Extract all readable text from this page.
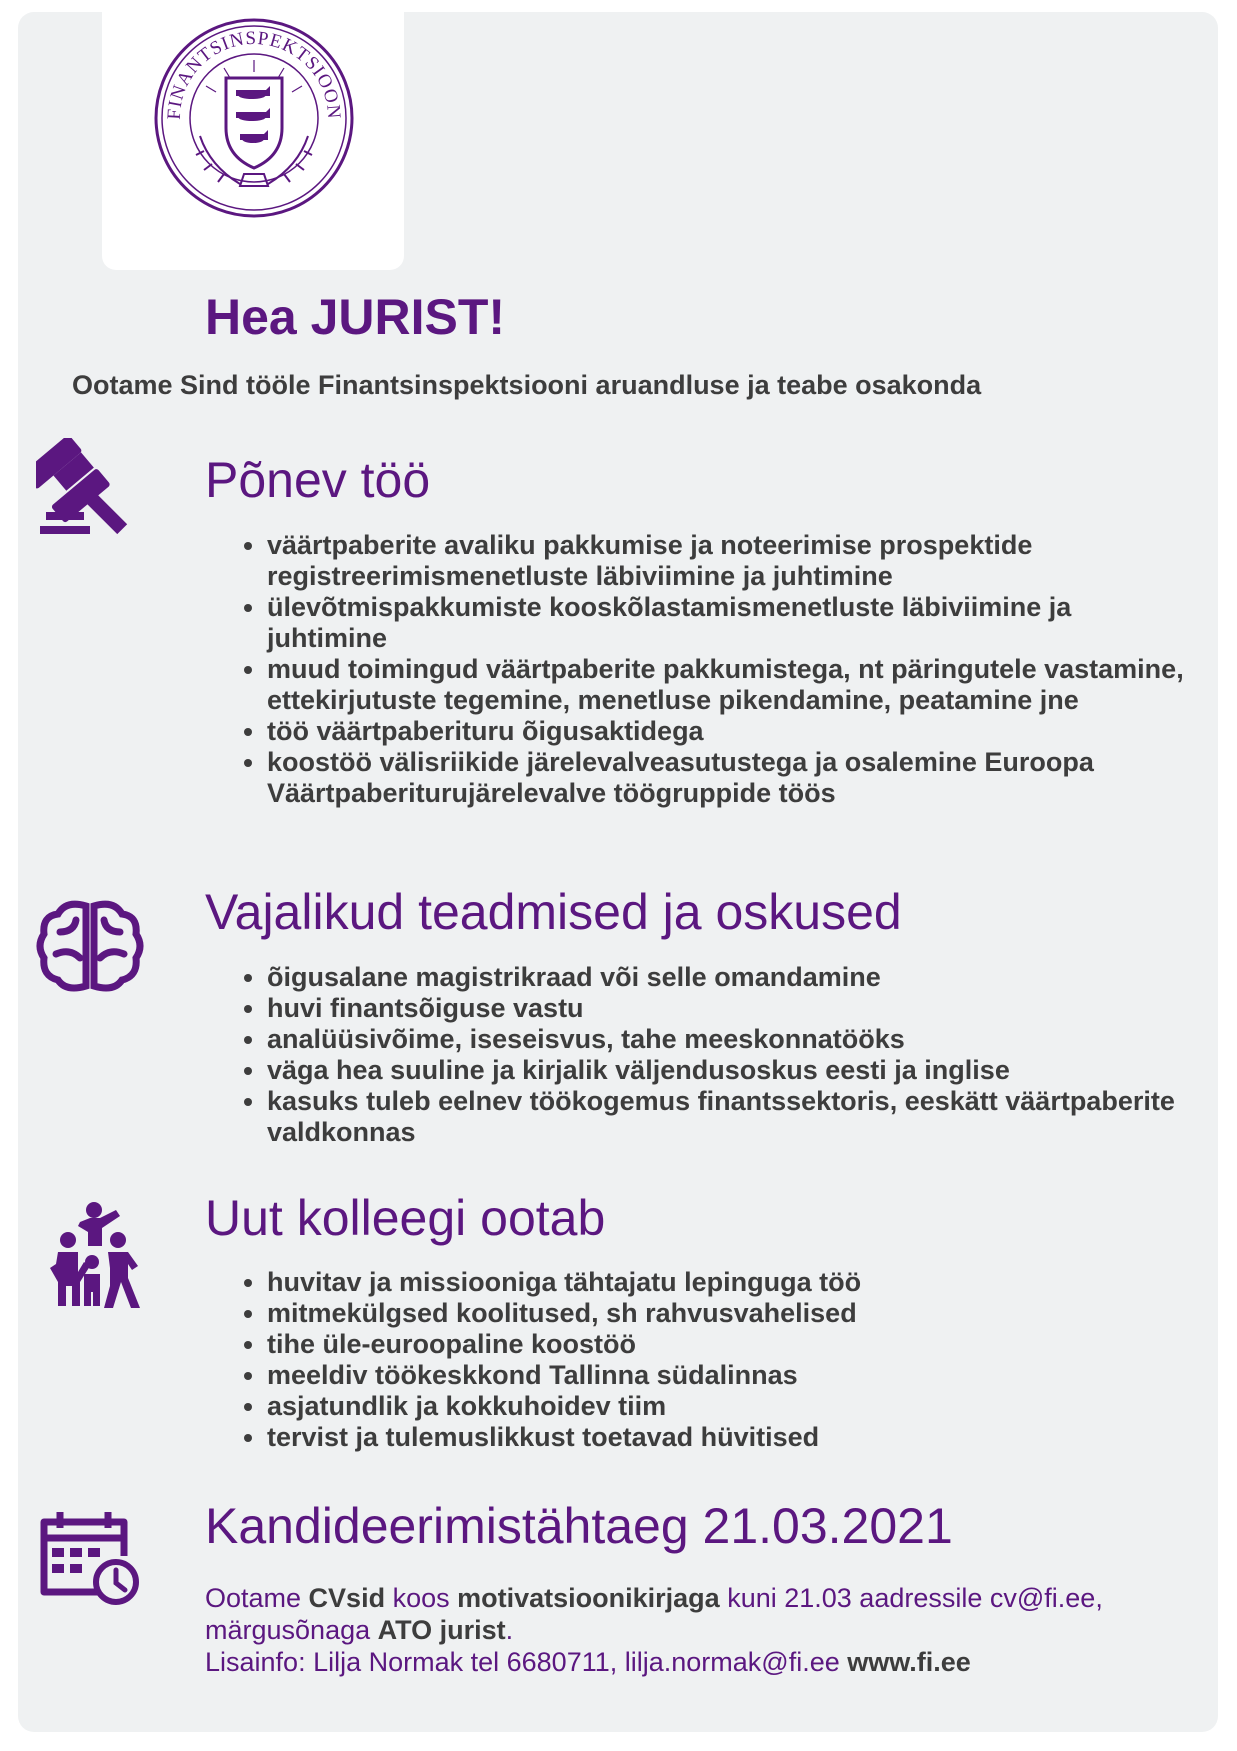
FINANTSINSPEKTSIOON
Hea JURIST!

Ootame Sind tööle Finantsinspektsiooni aruandluse ja teabe osakonda

Põnev töö
• väärtpaberite avaliku pakkumise ja noteerimise prospektide registreerimismenetluste läbiviimine ja juhtimine
• ülevõtmispakkumiste kooskõlastamismenetluste läbiviimine ja juhtimine
• muud toimingud väärtpaberite pakkumistega, nt päringutele vastamine, ettekirjutuste tegemine, menetluse pikendamine, peatamine jne
• töö väärtpaberituru õigusaktidega
• koostöö välisriikide järelevalveasutustega ja osalemine Euroopa Väärtpaberiturujärelevalve töögruppide töös
Vajalikud teadmised ja oskused
• õigusalane magistrikraad või selle omandamine
• huvi finantsõiguse vastu
• analüüsivõime, iseseisvus, tahe meeskonnatööks
• väga hea suuline ja kirjalik väljendusoskus eesti ja inglise
• kasuks tuleb eelnev töökogemus finantssektoris, eeskätt väärtpaberite valdkonnas
Uut kolleegi ootab
• huvitav ja missiooniga tähtajatu lepinguga töö
• mitmekülgsed koolitused, sh rahvusvahelised
• tihe üle-euroopaline koostöö
• meeldiv töökeskkond Tallinna südalinnas
• asjatundlik ja kokkuhoidev tiim
• tervist ja tulemuslikkust toetavad hüvitised
Kandideerimistähtaeg 21.03.2021

Ootame CVsid koos motivatsioonikirjaga kuni 21.03 aadressile cv@fi.ee,
märgusõnaga ATO jurist.
Lisainfo: Lilja Normak tel 6680711, lilja.normak@fi.ee www.fi.ee
